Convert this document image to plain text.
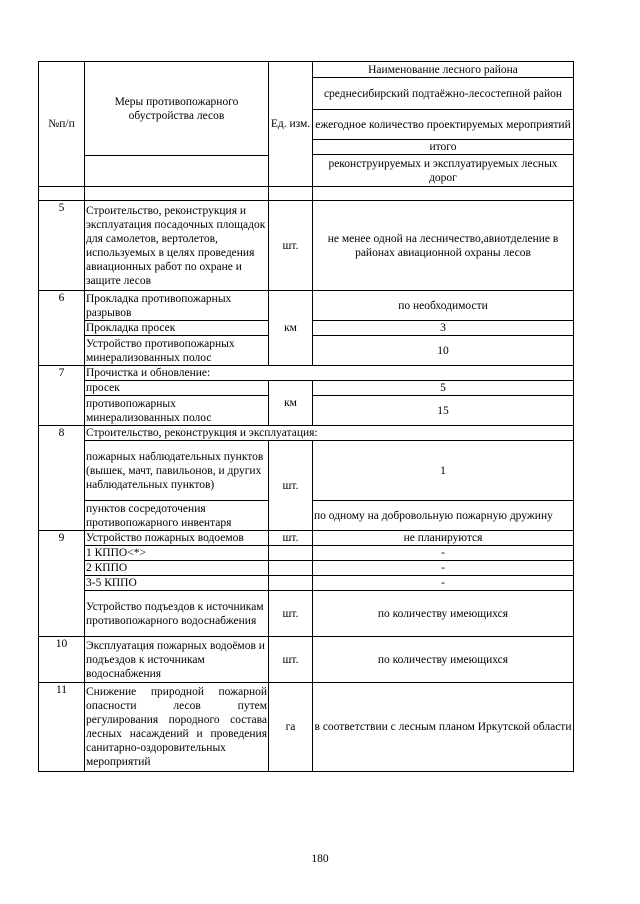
№п/п	Меры противопожарного обустройства лесов	Ед. изм.	Наименование лесного района
			среднесибирский подтаёжно-лесостепной район
			ежегодное количество проектируемых мероприятий
			итого
			реконструируемых и эксплуатируемых лесных дорог

5	Строительство, реконструкция и эксплуатация посадочных площадок для самолетов, вертолетов, используемых в целях проведения авиационных работ по охране и защите лесов	шт.	не менее одной на лесничество,авиотделение в районах авиационной охраны лесов
6	Прокладка противопожарных разрывов	км	по необходимости
	Прокладка просек		3
	Устройство противопожарных минерализованных полос		10
7	Прочистка и обновление:		
	просек	км	5
	противопожарных минерализованных полос		15
8	Строительство, реконструкция и эксплуатация:		
	пожарных наблюдательных пунктов (вышек, мачт, павильонов, и других наблюдательных пунктов)	шт.	1
	пунктов сосредоточения противопожарного инвентаря		по одному на добровольную пожарную дружину
9	Устройство пожарных водоемов	шт.	не планируются
	1 КППО<*>		-
	2 КППО		-
	3-5 КППО		-
	Устройство подъездов к источникам противопожарного водоснабжения	шт.	по количеству имеющихся
10	Эксплуатация пожарных водоёмов и подъездов к источникам водоснабжения	шт.	по количеству имеющихся
11	Снижение природной пожарной опасности лесов путем регулирования породного состава лесных насаждений и проведения санитарно-оздоровительных мероприятий	га	в соответствии с лесным планом Иркутской области
180
